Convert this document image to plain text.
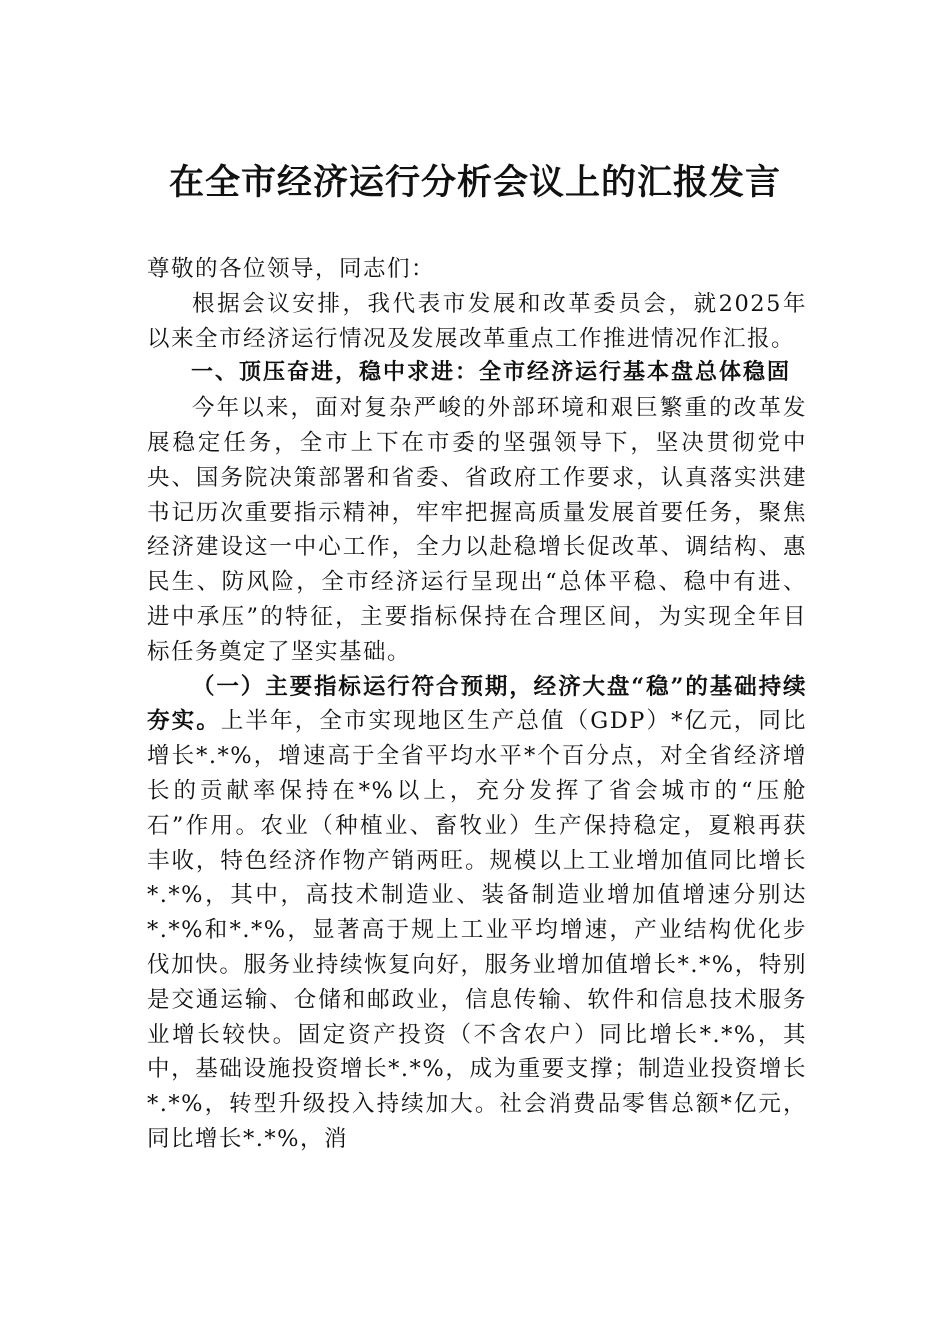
在全市经济运行分析会议上的汇报发言

尊敬的各位领导，同志们：

根据会议安排，我代表市发展和改革委员会，就2025年以来全市经济运行情况及发展改革重点工作推进情况作汇报。

一、顶压奋进，稳中求进：全市经济运行基本盘总体稳固

今年以来，面对复杂严峻的外部环境和艰巨繁重的改革发展稳定任务，全市上下在市委的坚强领导下，坚决贯彻党中央、国务院决策部署和省委、省政府工作要求，认真落实洪建书记历次重要指示精神，牢牢把握高质量发展首要任务，聚焦经济建设这一中心工作，全力以赴稳增长促改革、调结构、惠民生、防风险，全市经济运行呈现出“总体平稳、稳中有进、进中承压”的特征，主要指标保持在合理区间，为实现全年目标任务奠定了坚实基础。

（一）主要指标运行符合预期，经济大盘“稳”的基础持续夯实。上半年，全市实现地区生产总值（GDP）*亿元，同比增长*.*%，增速高于全省平均水平*个百分点，对全省经济增长的贡献率保持在*%以上，充分发挥了省会城市的“压舱石”作用。农业（种植业、畜牧业）生产保持稳定，夏粮再获丰收，特色经济作物产销两旺。规模以上工业增加值同比增长*.*%，其中，高技术制造业、装备制造业增加值增速分别达*.*%和*.*%，显著高于规上工业平均增速，产业结构优化步伐加快。服务业持续恢复向好，服务业增加值增长*.*%，特别是交通运输、仓储和邮政业，信息传输、软件和信息技术服务业增长较快。固定资产投资（不含农户）同比增长*.*%，其中，基础设施投资增长*.*%，成为重要支撑；制造业投资增长*.*%，转型升级投入持续加大。社会消费品零售总额*亿元，同比增长*.*%，消
